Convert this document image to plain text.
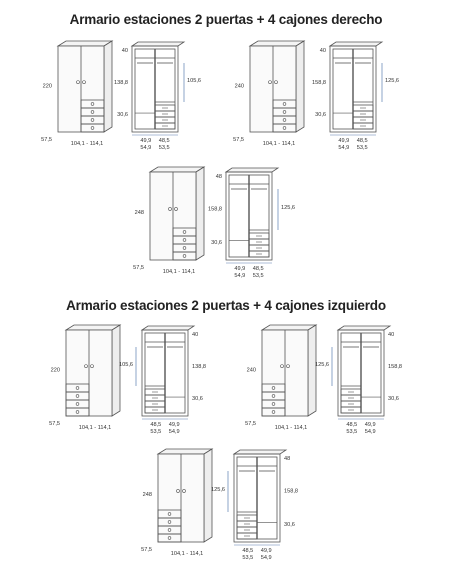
Armario estaciones 2 puertas + 4 cajones derecho
Armario estaciones 2 puertas + 4 cajones izquierdo
220
57,5
104,1 - 114,1
105,6
40
138,8
30,6
49,9 48,5
54,9 53,5
240
57,5
104,1 - 114,1
125,6
40
158,8
30,6
49,9 48,5
54,9 53,5
248
57,5
104,1 - 114,1
125,6
48
158,8
30,6
49,9 48,5
54,9 53,5
220
57,5
104,1 - 114,1
105,6
40
138,8
30,6
48,5 49,9
53,5 54,9
240
57,5
104,1 - 114,1
125,6
40
158,8
30,6
48,5 49,9
53,5 54,9
248
57,5
104,1 - 114,1
125,6
48
158,8
30,6
48,5 49,9
53,5 54,9
